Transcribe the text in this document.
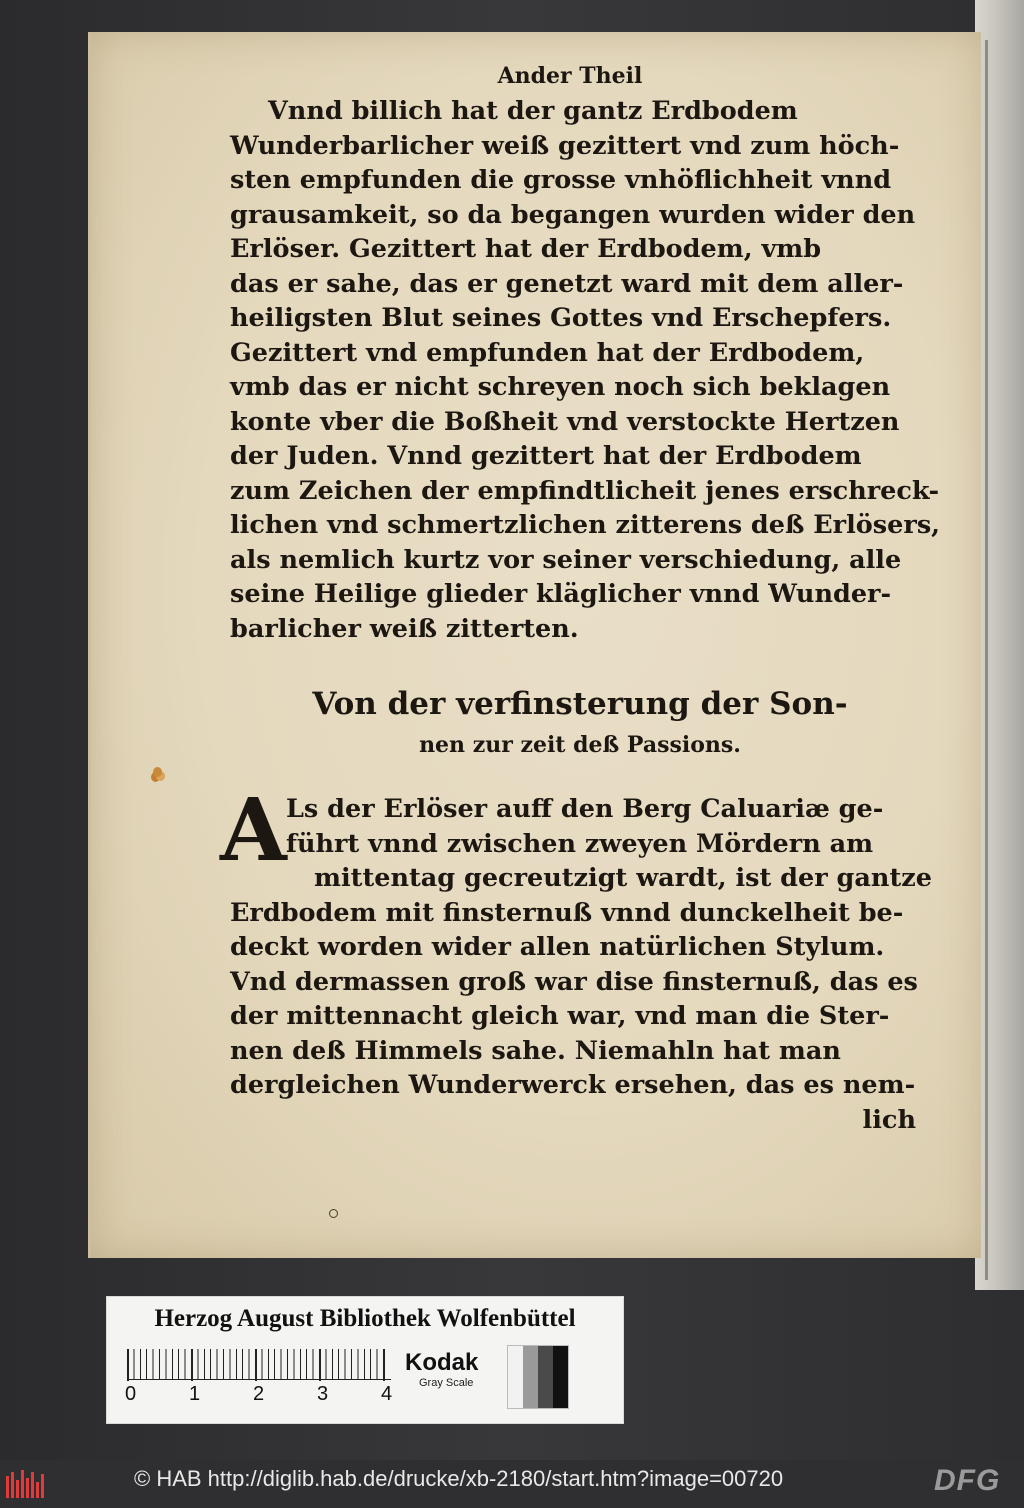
Ander Theil
Vnnd billich hat der gantz Erdbodem
Wunderbarlicher weiß gezittert vnd zum höch-
sten empfunden die grosse vnhöflichheit vnnd
grausamkeit, so da begangen wurden wider den
Erlöser. Gezittert hat der Erdbodem, vmb
das er sahe, das er genetzt ward mit dem aller-
heiligsten Blut seines Gottes vnd Erschepfers.
Gezittert vnd empfunden hat der Erdbodem,
vmb das er nicht schreyen noch sich beklagen
konte vber die Boßheit vnd verstockte Hertzen
der Juden. Vnnd gezittert hat der Erdbodem
zum Zeichen der empfindtlicheit jenes erschreck-
lichen vnd schmertzlichen zitterens deß Erlösers,
als nemlich kurtz vor seiner verschiedung, alle
seine Heilige glieder kläglicher vnnd Wunder-
barlicher weiß zitterten.
Von der verfinsterung der Son-
nen zur zeit deß Passions.
A Ls der Erlöser auff den Berg Caluariæ ge-
führt vnnd zwischen zweyen Mördern am
mittentag gecreutzigt wardt, ist der gantze
Erdbodem mit finsternuß vnnd dunckelheit be-
deckt worden wider allen natürlichen Stylum.
Vnd dermassen groß war dise finsternuß, das es
der mittennacht gleich war, vnd man die Ster-
nen deß Himmels sahe. Niemahln hat man
dergleichen Wunderwerck ersehen, das es nem-
lich
Herzog August Bibliothek Wolfenbüttel
0	1	2	3	4
Kodak
Gray Scale
© HAB http://diglib.hab.de/drucke/xb-2180/start.htm?image=00720	DFG
